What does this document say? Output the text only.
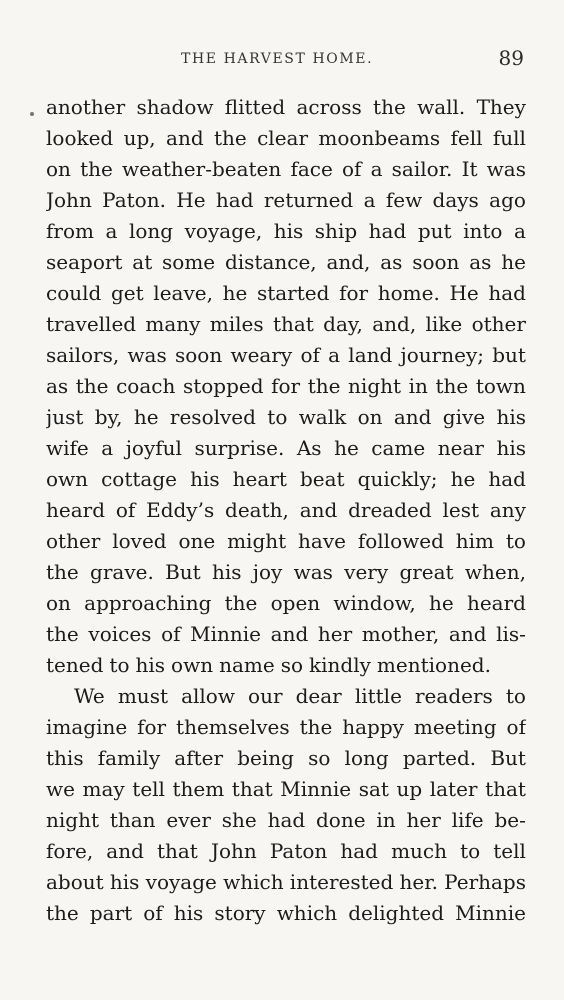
THE HARVEST HOME.	89
another shadow flitted across the wall. They
looked up, and the clear moonbeams fell full
on the weather-beaten face of a sailor. It was
John Paton. He had returned a few days ago
from a long voyage, his ship had put into a
seaport at some distance, and, as soon as he
could get leave, he started for home. He had
travelled many miles that day, and, like other
sailors, was soon weary of a land journey; but
as the coach stopped for the night in the town
just by, he resolved to walk on and give his
wife a joyful surprise. As he came near his
own cottage his heart beat quickly; he had
heard of Eddy’s death, and dreaded lest any
other loved one might have followed him to
the grave. But his joy was very great when,
on approaching the open window, he heard
the voices of Minnie and her mother, and lis-
tened to his own name so kindly mentioned.
We must allow our dear little readers to
imagine for themselves the happy meeting of
this family after being so long parted. But
we may tell them that Minnie sat up later that
night than ever she had done in her life be-
fore, and that John Paton had much to tell
about his voyage which interested her. Perhaps
the part of his story which delighted Minnie
